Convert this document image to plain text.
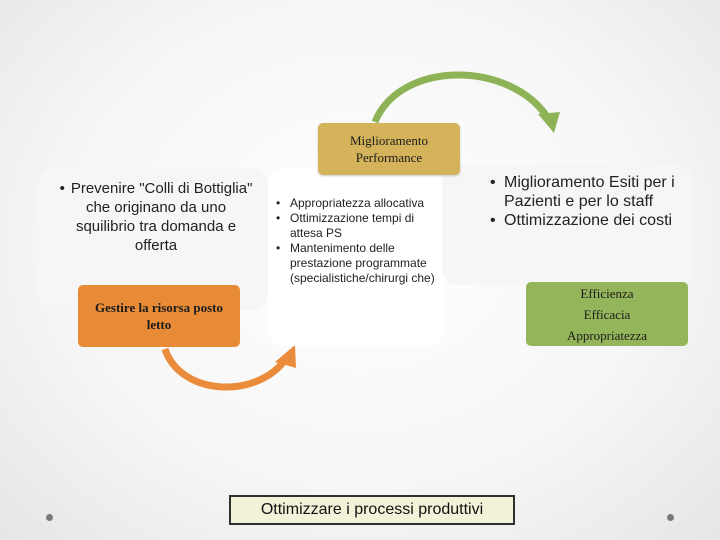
Miglioramento
Performance
• Prevenire "Colli di Bottiglia" che originano da uno squilibrio tra domanda e offerta
Gestire la risorsa posto
letto
• Appropriatezza allocativa
• Ottimizzazione tempi di attesa PS
• Mantenimento delle prestazione programmate (specialistiche/chirurgi che)
• Miglioramento Esiti per i Pazienti e per lo staff
• Ottimizzazione dei costi
Efficienza
Efficacia
Appropriatezza
Ottimizzare i processi produttivi
